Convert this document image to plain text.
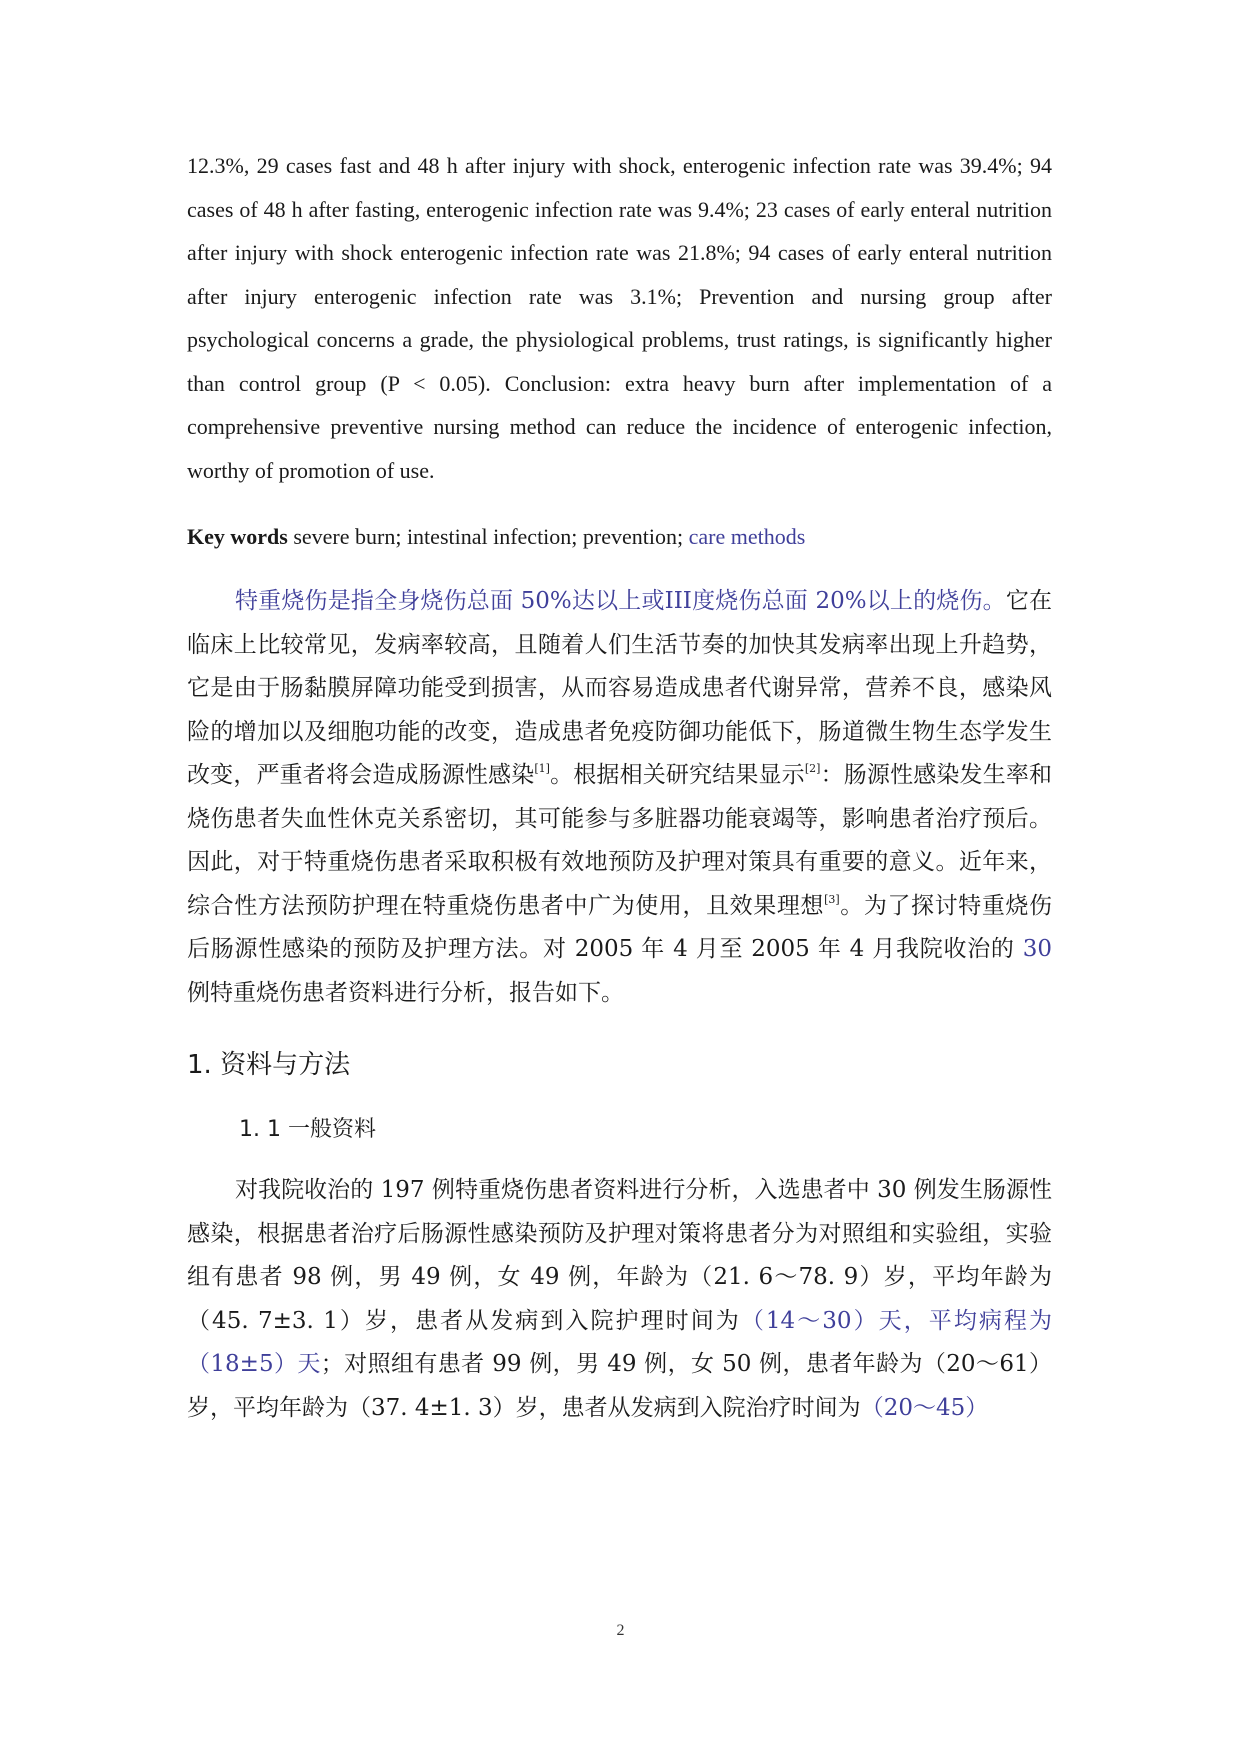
12.3%, 29 cases fast and 48 h after injury with shock, enterogenic infection rate was 39.4%; 94 cases of 48 h after fasting, enterogenic infection rate was 9.4%; 23 cases of early enteral nutrition after injury with shock enterogenic infection rate was 21.8%; 94 cases of early enteral nutrition after injury enterogenic infection rate was 3.1%; Prevention and nursing group after psychological concerns a grade, the physiological problems, trust ratings, is significantly higher than control group (P < 0.05). Conclusion: extra heavy burn after implementation of a comprehensive preventive nursing method can reduce the incidence of enterogenic infection, worthy of promotion of use.

Key words severe burn; intestinal infection; prevention; care methods

特重烧伤是指全身烧伤总面 50%达以上或III度烧伤总面 20%以上的烧伤。它在临床上比较常见，发病率较高，且随着人们生活节奏的加快其发病率出现上升趋势，它是由于肠黏膜屏障功能受到损害，从而容易造成患者代谢异常，营养不良，感染风险的增加以及细胞功能的改变，造成患者免疫防御功能低下，肠道微生物生态学发生改变，严重者将会造成肠源性感染[1]。根据相关研究结果显示[2]：肠源性感染发生率和烧伤患者失血性休克关系密切，其可能参与多脏器功能衰竭等，影响患者治疗预后。因此，对于特重烧伤患者采取积极有效地预防及护理对策具有重要的意义。近年来，综合性方法预防护理在特重烧伤患者中广为使用，且效果理想[3]。为了探讨特重烧伤后肠源性感染的预防及护理方法。对 2005 年 4 月至 2005 年 4 月我院收治的 30 例特重烧伤患者资料进行分析，报告如下。

1. 资料与方法
1. 1 一般资料

对我院收治的 197 例特重烧伤患者资料进行分析，入选患者中 30 例发生肠源性感染，根据患者治疗后肠源性感染预防及护理对策将患者分为对照组和实验组，实验组有患者 98 例，男 49 例，女 49 例，年龄为（21. 6～78. 9）岁，平均年龄为（45. 7±3. 1）岁，患者从发病到入院护理时间为（14～30）天，平均病程为（18±5）天；对照组有患者 99 例，男 49 例，女 50 例，患者年龄为（20～61）岁，平均年龄为（37. 4±1. 3）岁，患者从发病到入院治疗时间为（20～45）

2
